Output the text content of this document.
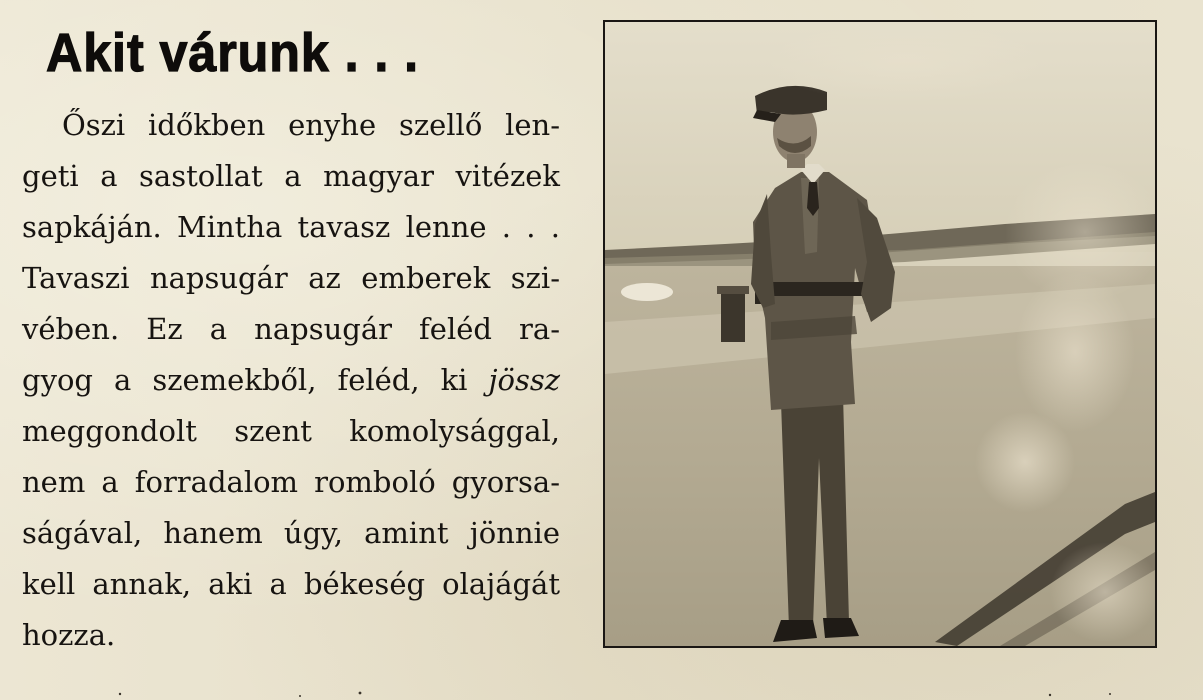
Akit várunk . . .
Őszi időkben enyhe szellő len-
geti a sastollat a magyar vitézek
sapkáján. Mintha tavasz lenne . . .
Tavaszi napsugár az emberek szi-
vében. Ez a napsugár feléd ra-
gyog a szemekből, feléd, ki jössz
meggondolt szent komolysággal,
nem a forradalom romboló gyorsa-
ságával, hanem úgy, amint jönnie
kell annak, aki a békeség olajágát
hozza.
